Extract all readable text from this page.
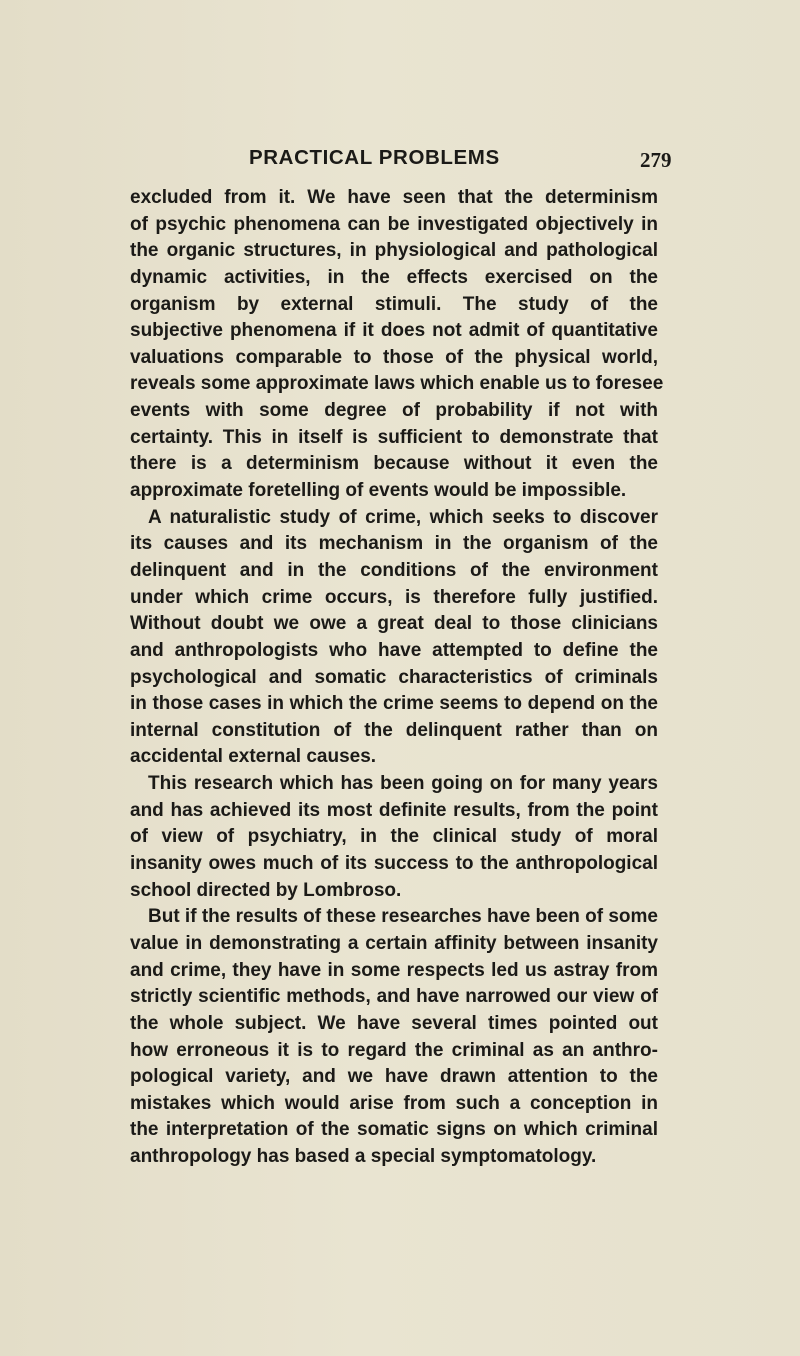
PRACTICAL PROBLEMS	279
excluded from it. We have seen that the determinism
of psychic phenomena can be investigated objectively in
the organic structures, in physiological and pathological
dynamic activities, in the effects exercised on the
organism by external stimuli. The study of the
subjective phenomena if it does not admit of quantitative
valuations comparable to those of the physical world,
reveals some approximate laws which enable us to foresee
events with some degree of probability if not with
certainty. This in itself is sufficient to demonstrate that
there is a determinism because without it even the
approximate foretelling of events would be impossible.
A naturalistic study of crime, which seeks to discover
its causes and its mechanism in the organism of the
delinquent and in the conditions of the environment
under which crime occurs, is therefore fully justified.
Without doubt we owe a great deal to those clinicians
and anthropologists who have attempted to define the
psychological and somatic characteristics of criminals
in those cases in which the crime seems to depend on the
internal constitution of the delinquent rather than on
accidental external causes.
This research which has been going on for many years
and has achieved its most definite results, from the point
of view of psychiatry, in the clinical study of moral
insanity owes much of its success to the anthropological
school directed by Lombroso.
But if the results of these researches have been of some
value in demonstrating a certain affinity between insanity
and crime, they have in some respects led us astray from
strictly scientific methods, and have narrowed our view of
the whole subject. We have several times pointed out
how erroneous it is to regard the criminal as an anthro-
pological variety, and we have drawn attention to the
mistakes which would arise from such a conception in
the interpretation of the somatic signs on which criminal
anthropology has based a special symptomatology.
